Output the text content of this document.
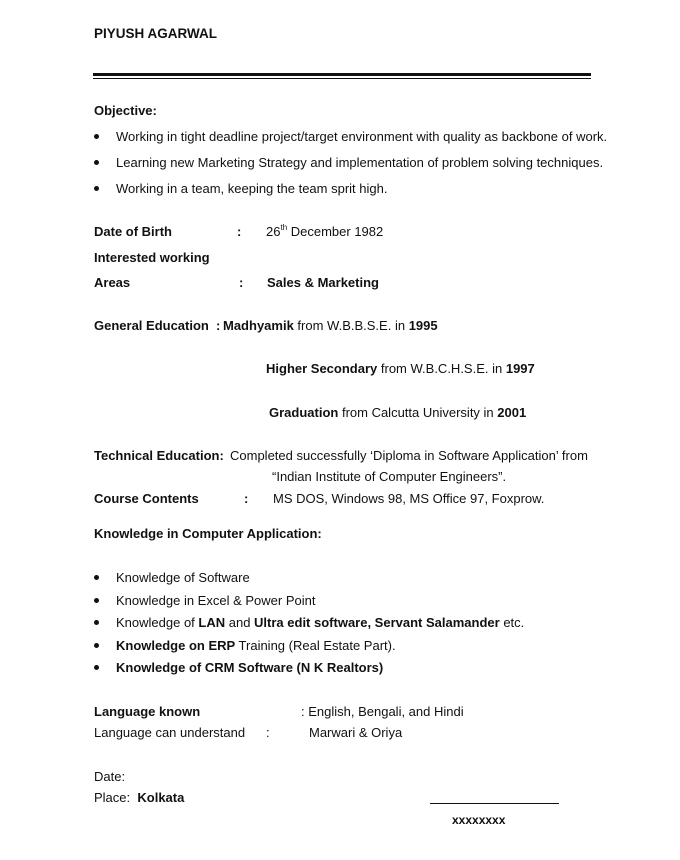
PIYUSH AGARWAL
Objective:
Working in tight deadline project/target environment with quality as backbone of work.
Learning new Marketing Strategy and implementation of problem solving techniques.
Working in a team, keeping the team sprit high.
Date of Birth	: 26th December 1982
Interested working
Areas	: Sales & Marketing
General Education : Madhyamik from W.B.B.S.E. in 1995
Higher Secondary from W.B.C.H.S.E. in 1997
Graduation from Calcutta University in 2001
Technical Education: Completed successfully ‘Diploma in Software Application’ from
“Indian Institute of Computer Engineers”.
Course Contents	: MS DOS, Windows 98, MS Office 97, Foxprow.
Knowledge in Computer Application:
Knowledge of Software
Knowledge in Excel & Power Point
Knowledge of LAN and Ultra edit software, Servant Salamander etc.
Knowledge on ERP Training (Real Estate Part).
Knowledge of CRM Software (N K Realtors)
Language known	: English, Bengali, and Hindi
Language can understand :	Marwari & Oriya
Date:
Place: Kolkata
xxxxxxxx
